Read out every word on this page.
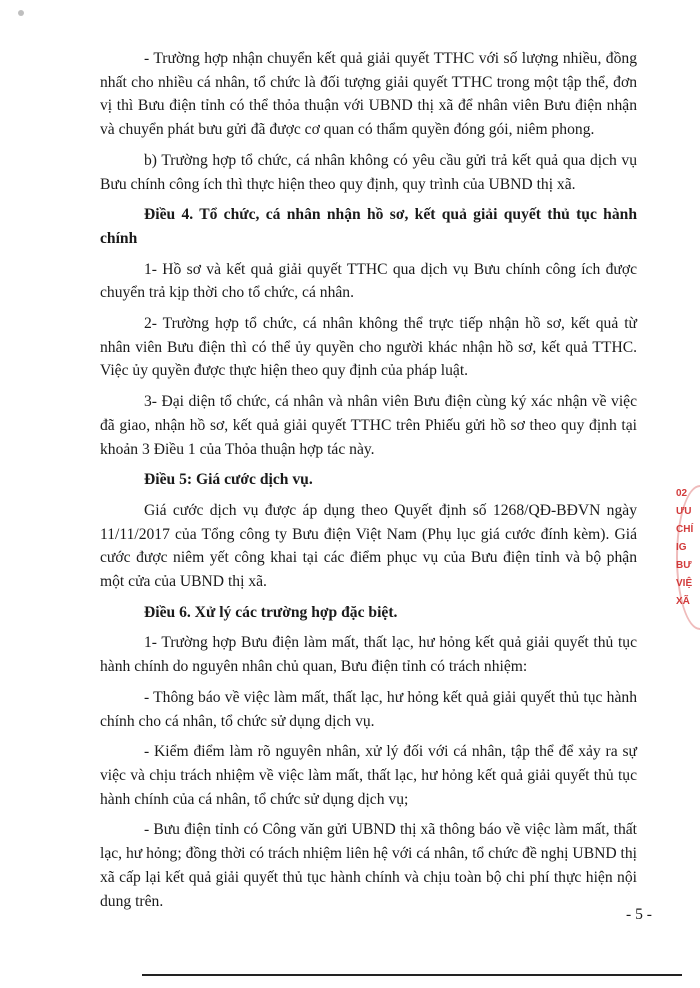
- Trường hợp nhận chuyển kết quả giải quyết TTHC với số lượng nhiều, đồng nhất cho nhiều cá nhân, tổ chức là đối tượng giải quyết TTHC trong một tập thể, đơn vị thì Bưu điện tỉnh có thể thỏa thuận với UBND thị xã để nhân viên Bưu điện nhận và chuyển phát bưu gửi đã được cơ quan có thẩm quyền đóng gói, niêm phong.

b) Trường hợp tổ chức, cá nhân không có yêu cầu gửi trả kết quả qua dịch vụ Bưu chính công ích thì thực hiện theo quy định, quy trình của UBND thị xã.

Điều 4. Tổ chức, cá nhân nhận hồ sơ, kết quả giải quyết thủ tục hành chính

1- Hồ sơ và kết quả giải quyết TTHC qua dịch vụ Bưu chính công ích được chuyển trả kịp thời cho tổ chức, cá nhân.

2- Trường hợp tổ chức, cá nhân không thể trực tiếp nhận hồ sơ, kết quả từ nhân viên Bưu điện thì có thể ủy quyền cho người khác nhận hồ sơ, kết quả TTHC. Việc ủy quyền được thực hiện theo quy định của pháp luật.

3- Đại diện tổ chức, cá nhân và nhân viên Bưu điện cùng ký xác nhận về việc đã giao, nhận hồ sơ, kết quả giải quyết TTHC trên Phiếu gửi hồ sơ theo quy định tại khoản 3 Điều 1 của Thỏa thuận hợp tác này.

Điều 5: Giá cước dịch vụ.

Giá cước dịch vụ được áp dụng theo Quyết định số 1268/QĐ-BĐVN ngày 11/11/2017 của Tổng công ty Bưu điện Việt Nam (Phụ lục giá cước đính kèm). Giá cước được niêm yết công khai tại các điểm phục vụ của Bưu điện tỉnh và bộ phận một cửa của UBND thị xã.

Điều 6. Xử lý các trường hợp đặc biệt.

1- Trường hợp Bưu điện làm mất, thất lạc, hư hỏng kết quả giải quyết thủ tục hành chính do nguyên nhân chủ quan, Bưu điện tỉnh có trách nhiệm:

- Thông báo về việc làm mất, thất lạc, hư hỏng kết quả giải quyết thủ tục hành chính cho cá nhân, tổ chức sử dụng dịch vụ.

- Kiểm điểm làm rõ nguyên nhân, xử lý đối với cá nhân, tập thể để xảy ra sự việc và chịu trách nhiệm về việc làm mất, thất lạc, hư hỏng kết quả giải quyết thủ tục hành chính của cá nhân, tổ chức sử dụng dịch vụ;

- Bưu điện tỉnh có Công văn gửi UBND thị xã thông báo về việc làm mất, thất lạc, hư hỏng; đồng thời có trách nhiệm liên hệ với cá nhân, tổ chức đề nghị UBND thị xã cấp lại kết quả giải quyết thủ tục hành chính và chịu toàn bộ chi phí thực hiện nội dung trên.

02
ƯU
CHÍ
IG
BƯ
VIỆ
XÃ
- 5 -
